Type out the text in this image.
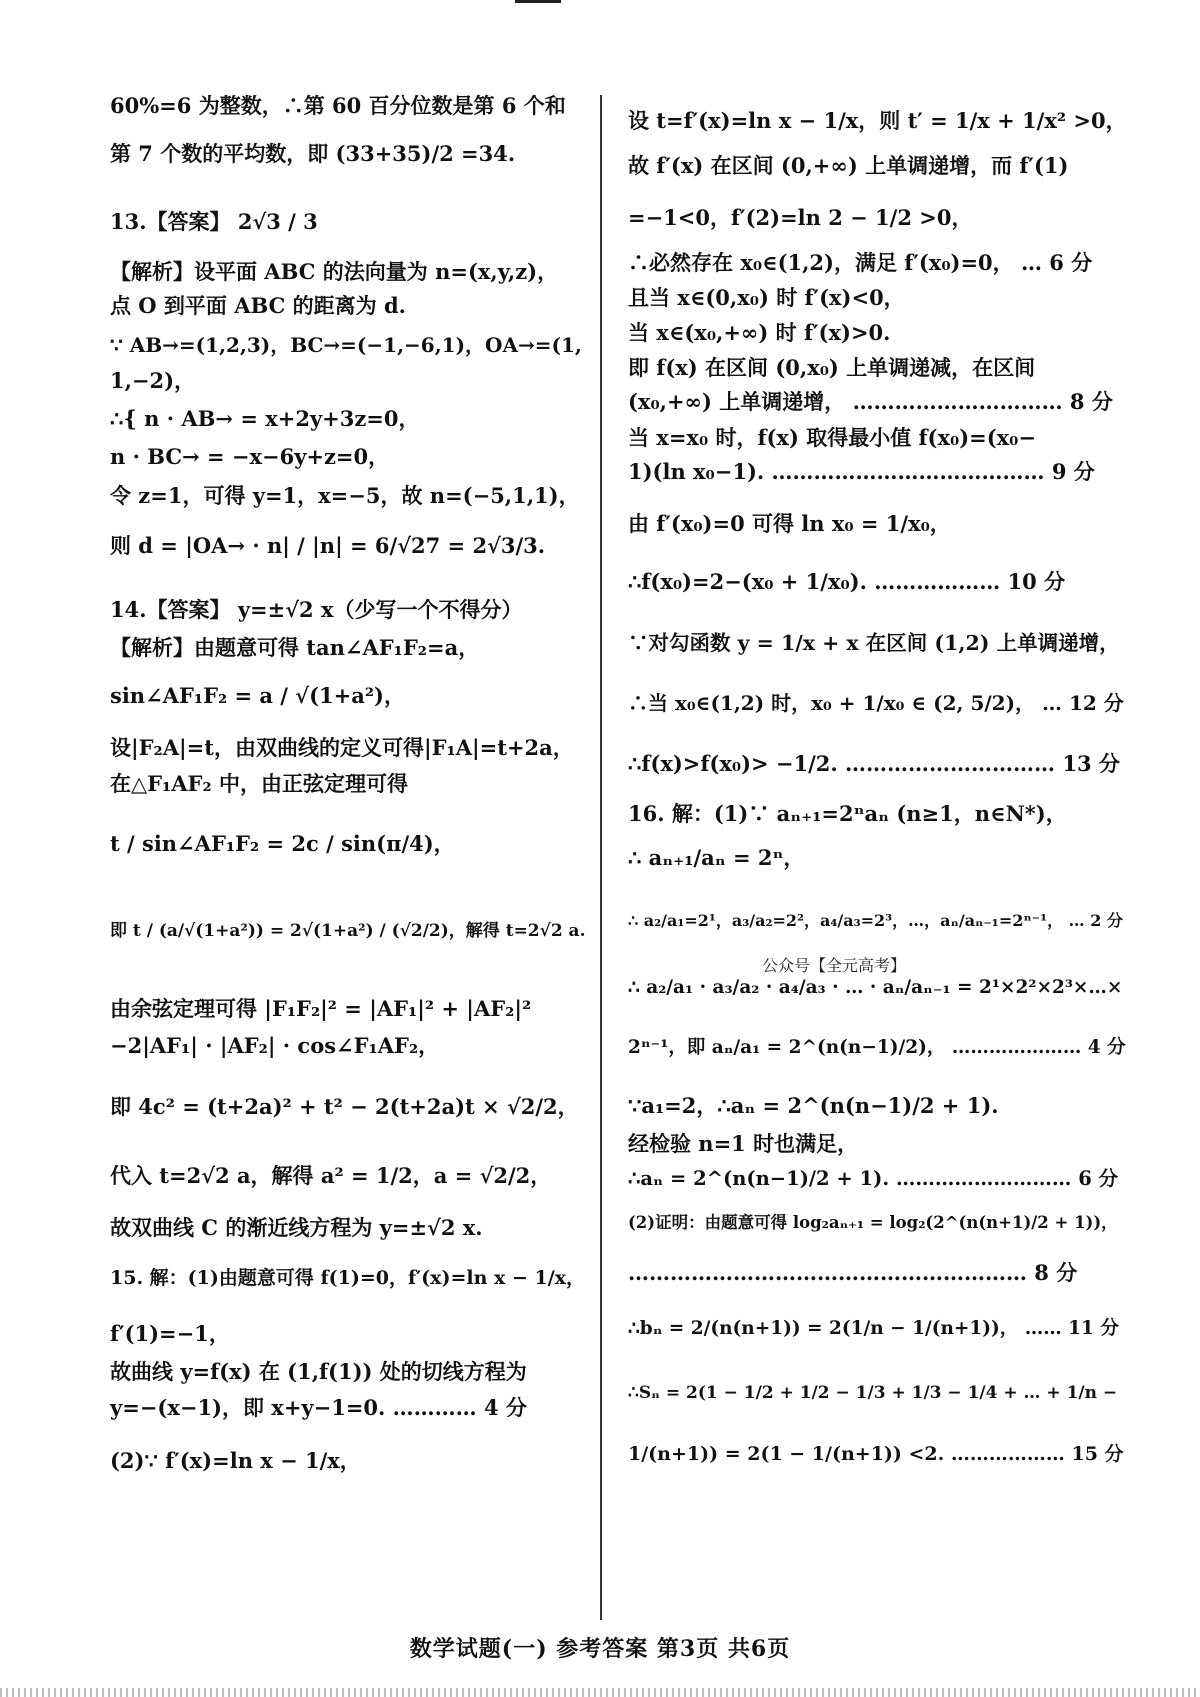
60%=6 为整数，∴第 60 百分位数是第 6 个和
第 7 个数的平均数，即 (33+35)/2 =34.
13.【答案】 2√3 / 3
【解析】设平面 ABC 的法向量为 n=(x,y,z)，
点 O 到平面 ABC 的距离为 d.
∵ AB→=(1,2,3)，BC→=(−1,−6,1)，OA→=(1,
1,−2)，
∴{ n · AB→ = x+2y+3z=0，
n · BC→ = −x−6y+z=0，
令 z=1，可得 y=1，x=−5，故 n=(−5,1,1)，
则 d = |OA→ · n| / |n| = 6/√27 = 2√3/3.
14.【答案】 y=±√2 x（少写一个不得分）
【解析】由题意可得 tan∠AF₁F₂=a，
sin∠AF₁F₂ = a / √(1+a²)，
设|F₂A|=t，由双曲线的定义可得|F₁A|=t+2a，
在△F₁AF₂ 中，由正弦定理可得
t / sin∠AF₁F₂ = 2c / sin(π/4)，
即 t / (a/√(1+a²)) = 2√(1+a²) / (√2/2)，解得 t=2√2 a.
由余弦定理可得 |F₁F₂|² = |AF₁|² + |AF₂|²
−2|AF₁| · |AF₂| · cos∠F₁AF₂，
即 4c² = (t+2a)² + t² − 2(t+2a)t × √2/2，
代入 t=2√2 a，解得 a² = 1/2，a = √2/2，
故双曲线 C 的渐近线方程为 y=±√2 x.
15. 解：(1)由题意可得 f(1)=0，f′(x)=ln x − 1/x，
f′(1)=−1，
故曲线 y=f(x) 在 (1,f(1)) 处的切线方程为
y=−(x−1)，即 x+y−1=0. ………… 4 分
(2)∵ f′(x)=ln x − 1/x，
设 t=f′(x)=ln x − 1/x，则 t′ = 1/x + 1/x² >0，
故 f′(x) 在区间 (0,+∞) 上单调递增，而 f′(1)
=−1<0，f′(2)=ln 2 − 1/2 >0，
∴必然存在 x₀∈(1,2)，满足 f′(x₀)=0， … 6 分
且当 x∈(0,x₀) 时 f′(x)<0，
当 x∈(x₀,+∞) 时 f′(x)>0.
即 f(x) 在区间 (0,x₀) 上单调递减，在区间
(x₀,+∞) 上单调递增， ………………………… 8 分
当 x=x₀ 时，f(x) 取得最小值 f(x₀)=(x₀−
1)(ln x₀−1). ………………………………… 9 分
由 f′(x₀)=0 可得 ln x₀ = 1/x₀，
∴f(x₀)=2−(x₀ + 1/x₀). ……………… 10 分
∵对勾函数 y = 1/x + x 在区间 (1,2) 上单调递增，
∴当 x₀∈(1,2) 时，x₀ + 1/x₀ ∈ (2, 5/2)， … 12 分
∴f(x)>f(x₀)> −1/2. ………………………… 13 分
16. 解：(1)∵ aₙ₊₁=2ⁿaₙ (n≥1，n∈N*)，
∴ aₙ₊₁/aₙ = 2ⁿ，
∴ a₂/a₁=2¹，a₃/a₂=2²，a₄/a₃=2³，…，aₙ/aₙ₋₁=2ⁿ⁻¹， … 2 分
∴ a₂/a₁ · a₃/a₂ · a₄/a₃ · … · aₙ/aₙ₋₁ = 2¹×2²×2³×…×
2ⁿ⁻¹，即 aₙ/a₁ = 2^(n(n−1)/2)， ………………… 4 分
∵a₁=2，∴aₙ = 2^(n(n−1)/2 + 1).
经检验 n=1 时也满足，
∴aₙ = 2^(n(n−1)/2 + 1). ……………………… 6 分
(2)证明：由题意可得 log₂aₙ₊₁ = log₂(2^(n(n+1)/2 + 1))，
………………………………………………… 8 分
∴bₙ = 2/(n(n+1)) = 2(1/n − 1/(n+1))， …… 11 分
∴Sₙ = 2(1 − 1/2 + 1/2 − 1/3 + 1/3 − 1/4 + … + 1/n −
1/(n+1)) = 2(1 − 1/(n+1)) <2. ……………… 15 分
公众号【全元高考】
数学试题(一) 参考答案 第3页 共6页
